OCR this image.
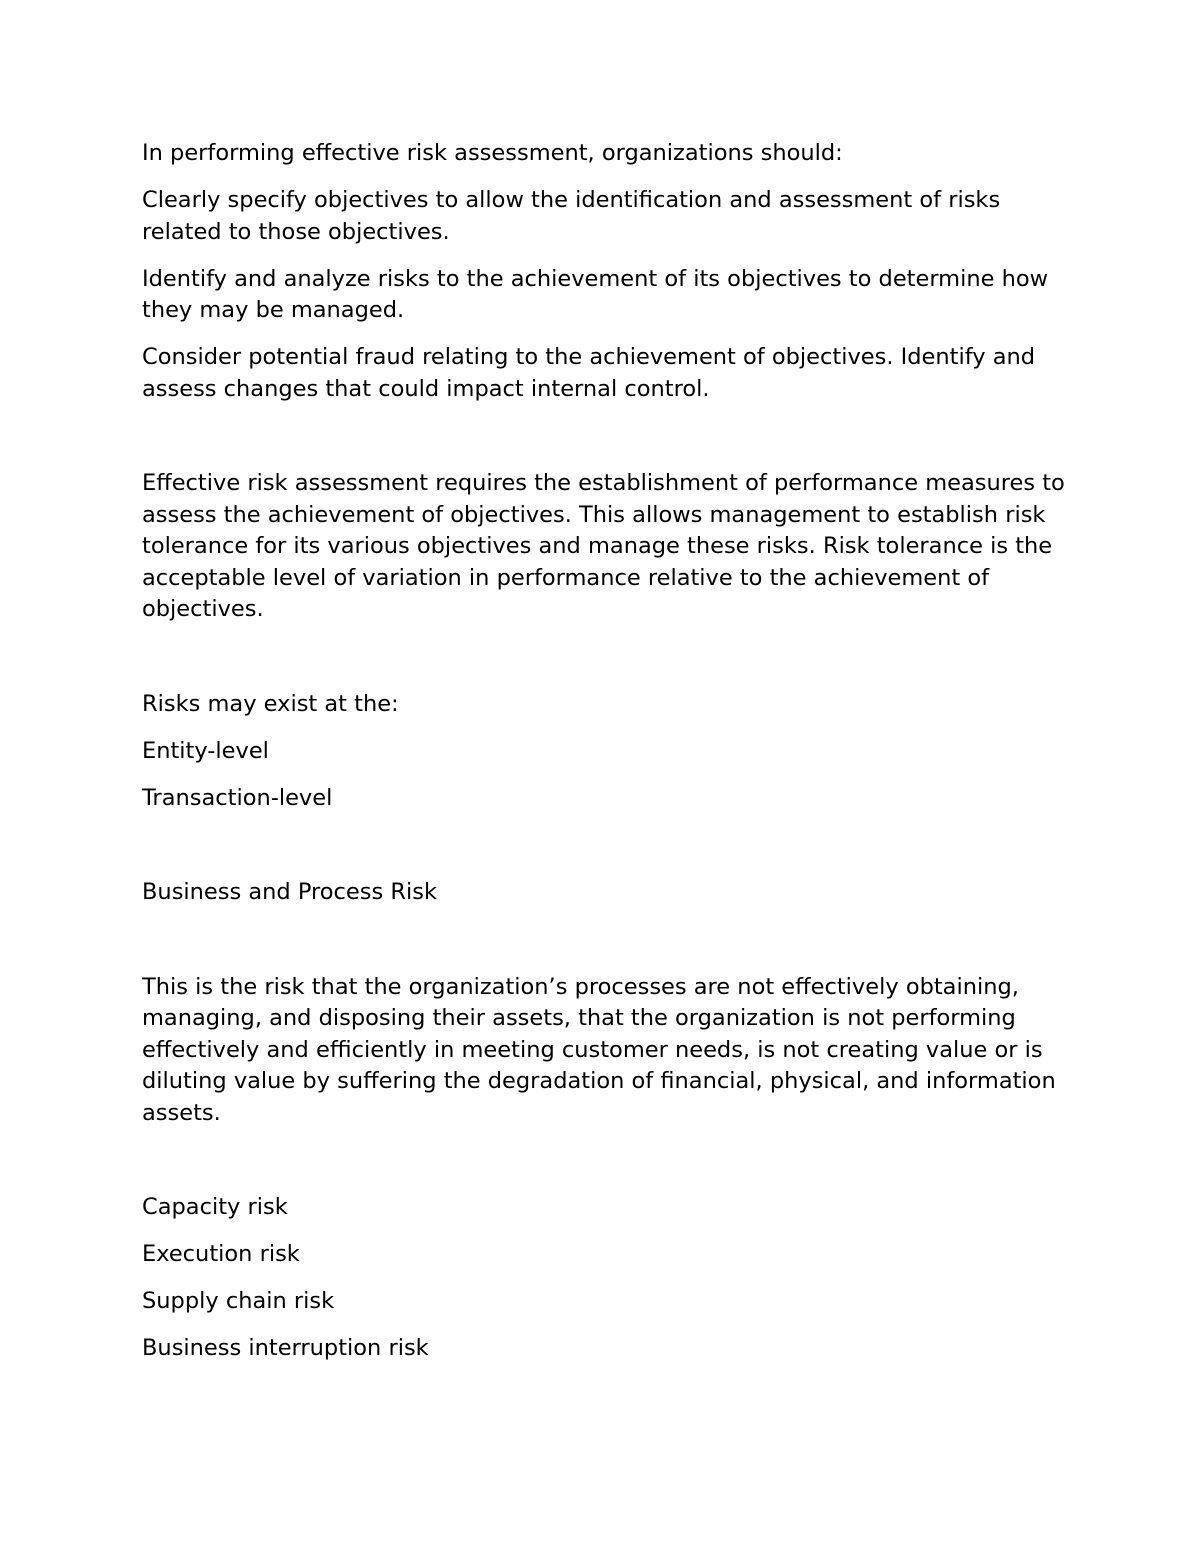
In performing effective risk assessment, organizations should:

Clearly specify objectives to allow the identification and assessment of risks related to those objectives.

Identify and analyze risks to the achievement of its objectives to determine how they may be managed.

Consider potential fraud relating to the achievement of objectives. Identify and assess changes that could impact internal control.

Effective risk assessment requires the establishment of performance measures to assess the achievement of objectives. This allows management to establish risk tolerance for its various objectives and manage these risks. Risk tolerance is the acceptable level of variation in performance relative to the achievement of objectives.

Risks may exist at the:

Entity-level

Transaction-level

Business and Process Risk

This is the risk that the organization’s processes are not effectively obtaining, managing, and disposing their assets, that the organization is not performing effectively and efficiently in meeting customer needs, is not creating value or is diluting value by suffering the degradation of financial, physical, and information assets.

Capacity risk

Execution risk

Supply chain risk

Business interruption risk
